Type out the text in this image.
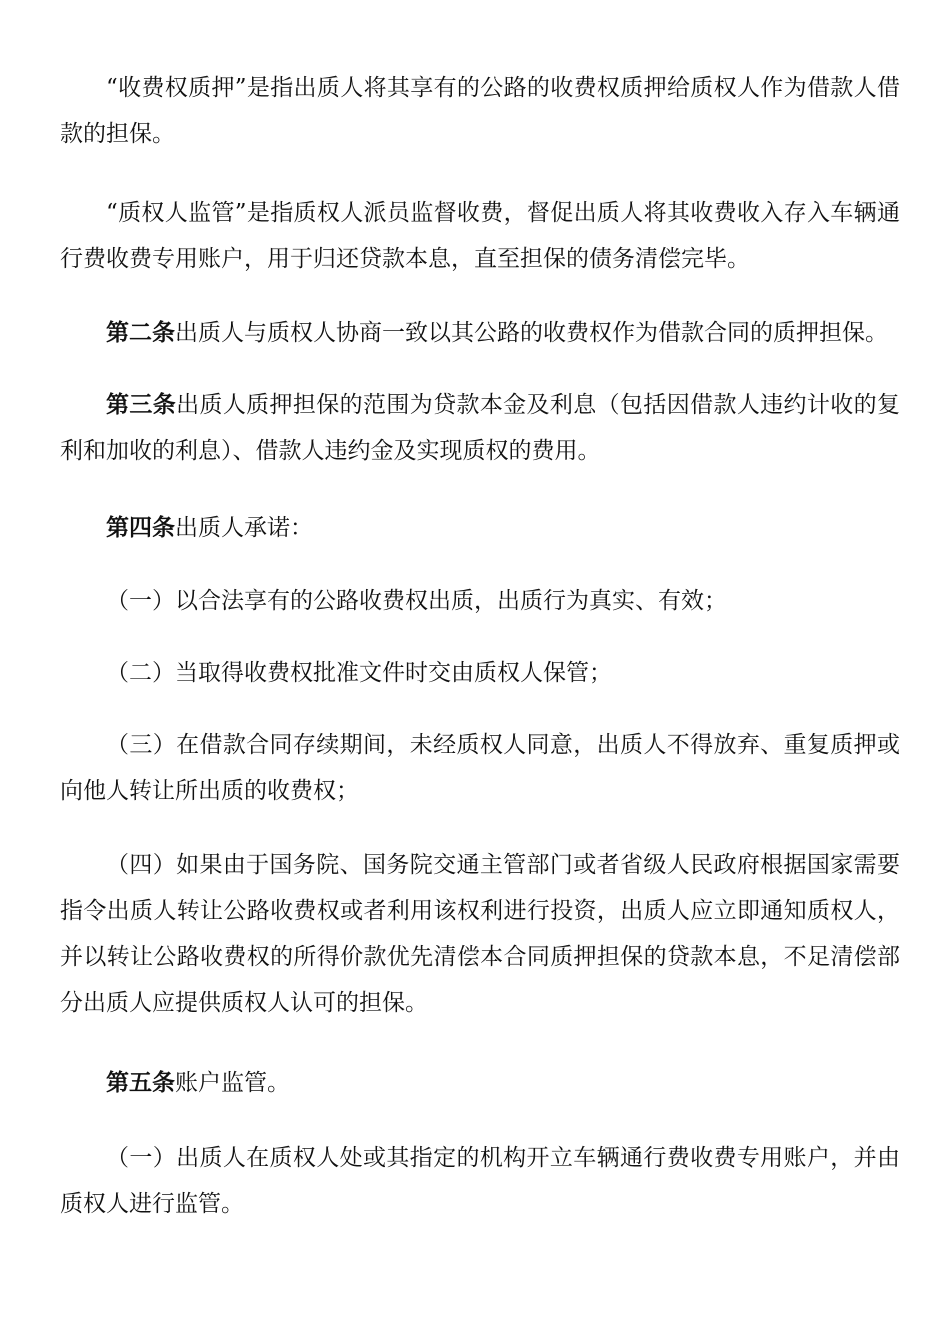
“收费权质押”是指出质人将其享有的公路的收费权质押给质权人作为借款人借款的担保。

“质权人监管”是指质权人派员监督收费，督促出质人将其收费收入存入车辆通行费收费专用账户，用于归还贷款本息，直至担保的债务清偿完毕。

第二条出质人与质权人协商一致以其公路的收费权作为借款合同的质押担保。

第三条出质人质押担保的范围为贷款本金及利息（包括因借款人违约计收的复利和加收的利息）、借款人违约金及实现质权的费用。

第四条出质人承诺：

（一）以合法享有的公路收费权出质，出质行为真实、有效；

（二）当取得收费权批准文件时交由质权人保管；

（三）在借款合同存续期间，未经质权人同意，出质人不得放弃、重复质押或向他人转让所出质的收费权；

（四）如果由于国务院、国务院交通主管部门或者省级人民政府根据国家需要指令出质人转让公路收费权或者利用该权利进行投资，出质人应立即通知质权人，并以转让公路收费权的所得价款优先清偿本合同质押担保的贷款本息，不足清偿部分出质人应提供质权人认可的担保。

第五条账户监管。

（一）出质人在质权人处或其指定的机构开立车辆通行费收费专用账户，并由质权人进行监管。
